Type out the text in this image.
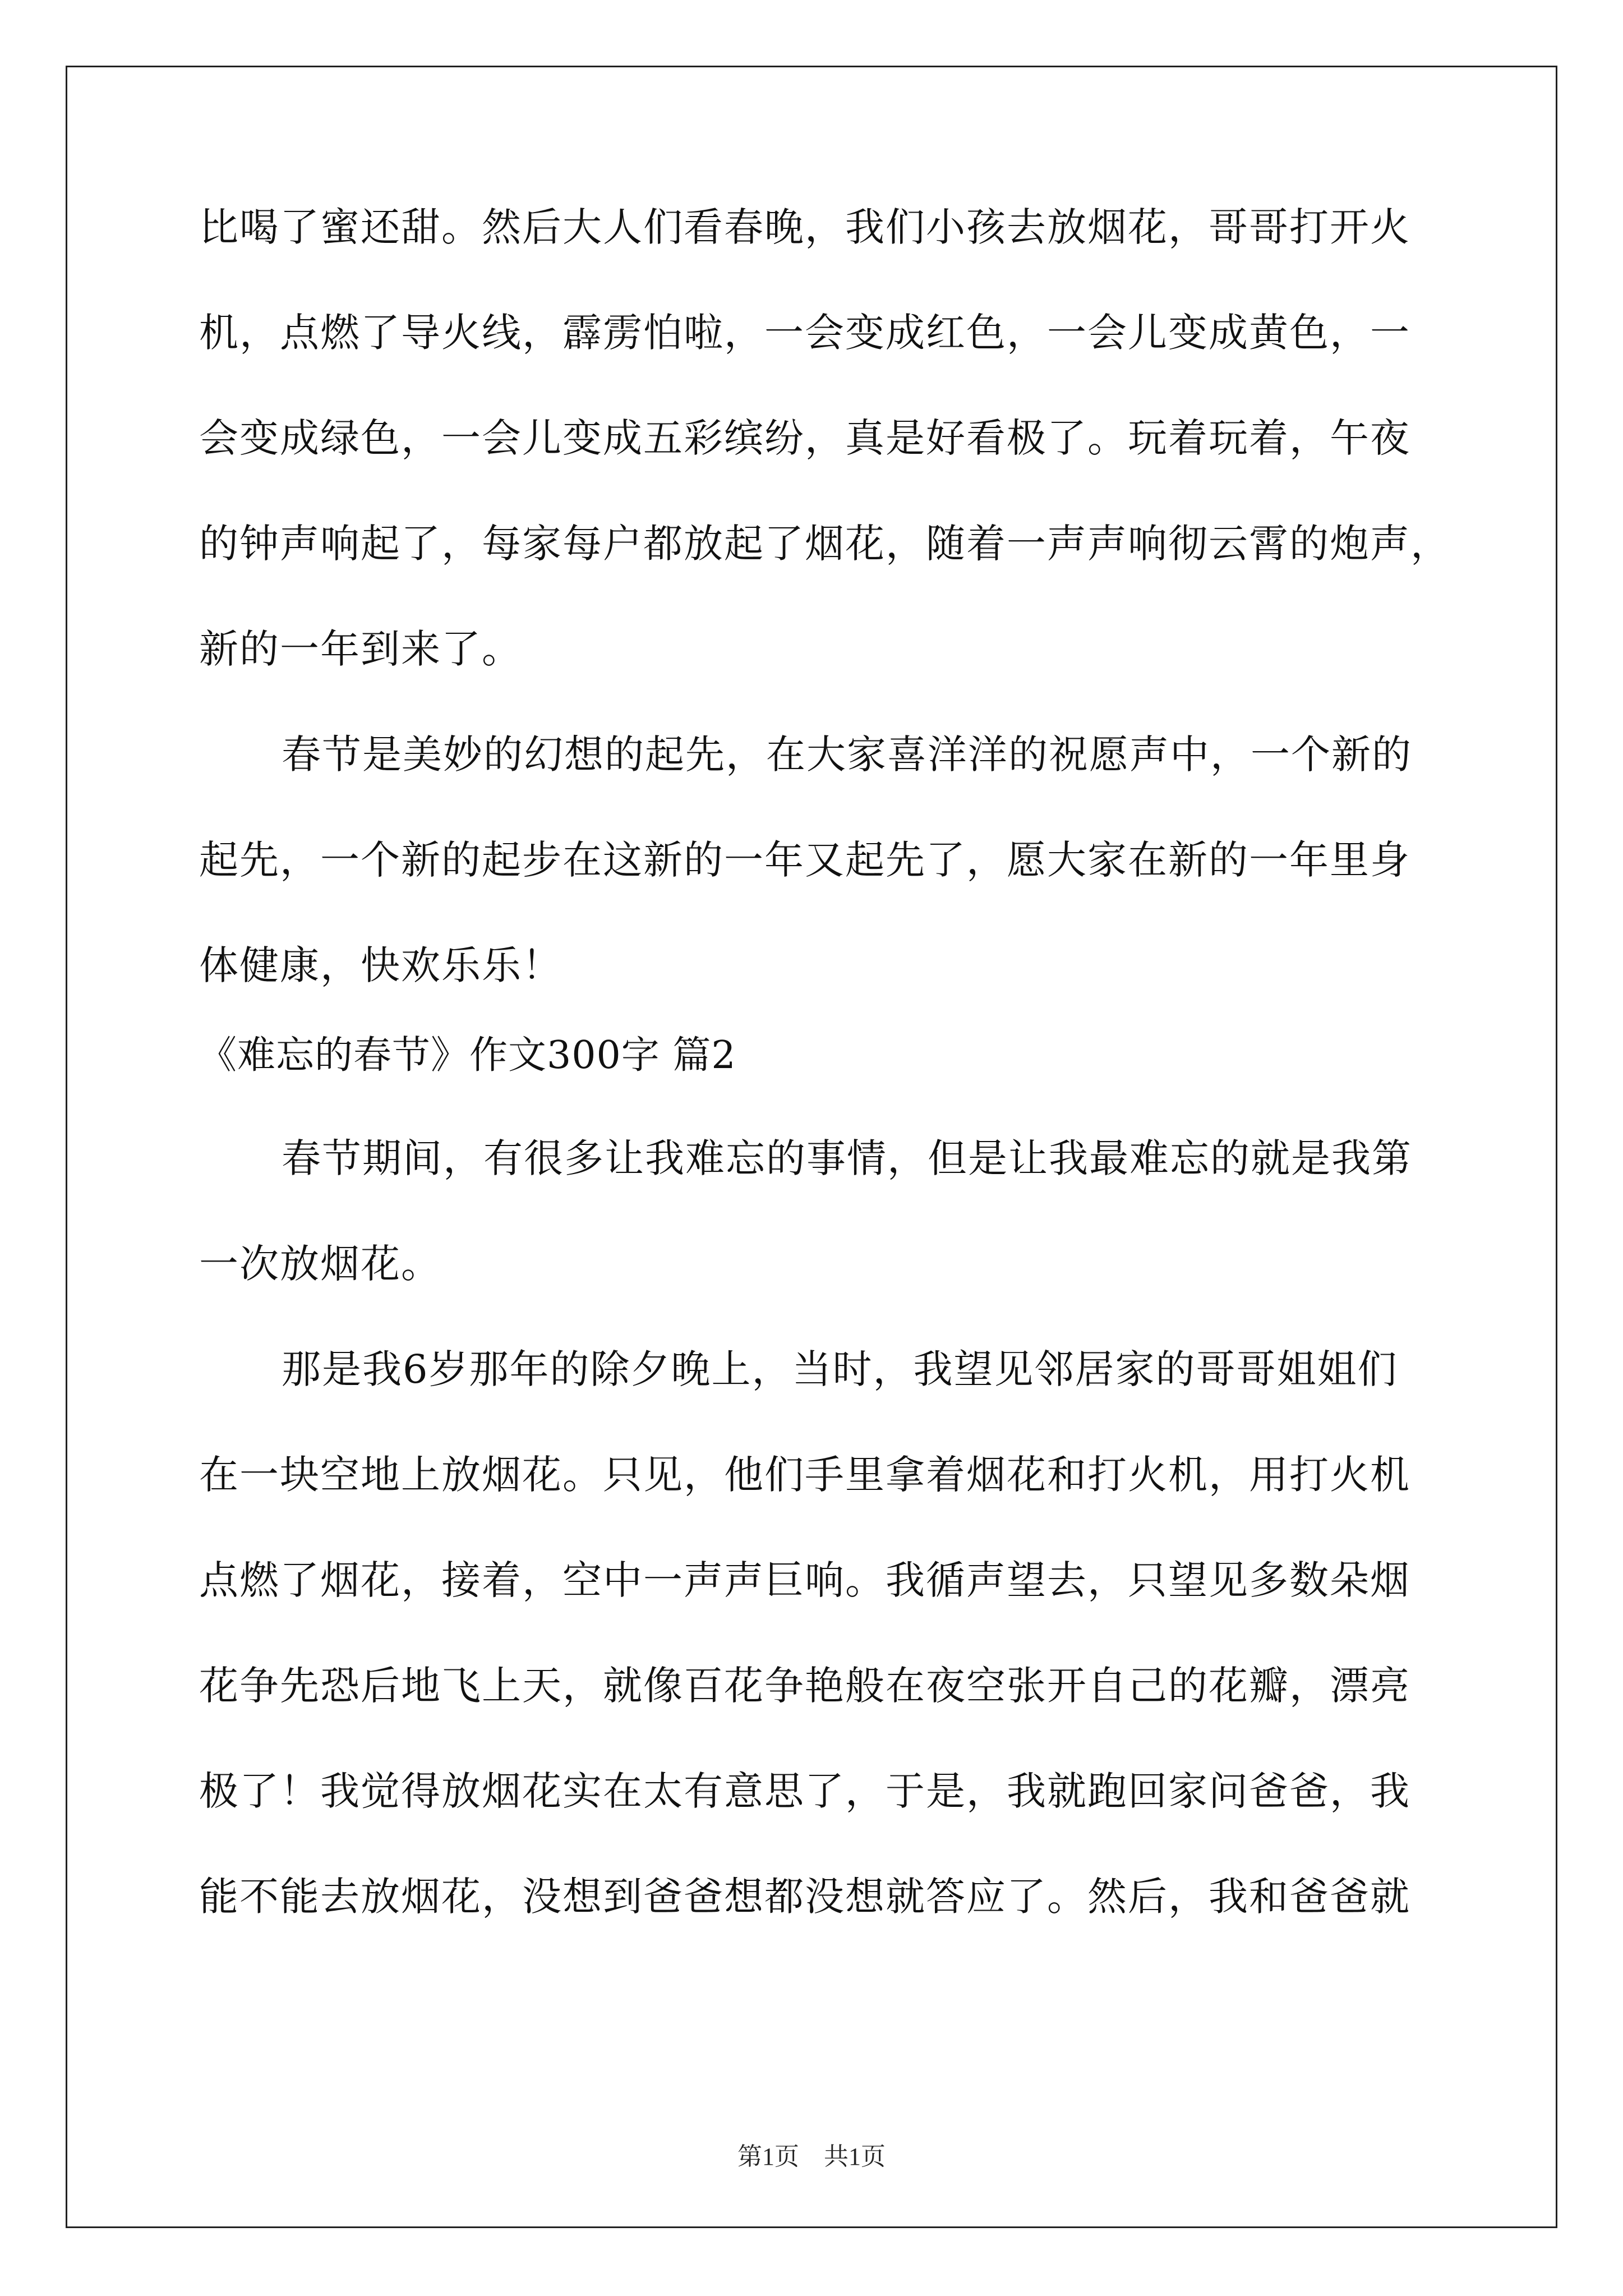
比喝了蜜还甜。然后大人们看春晚，我们小孩去放烟花，哥哥打开火
机，点燃了导火线，霹雳怕啦，一会变成红色，一会儿变成黄色，一
会变成绿色，一会儿变成五彩缤纷，真是好看极了。玩着玩着，午夜
的钟声响起了，每家每户都放起了烟花，随着一声声响彻云霄的炮声，
新的一年到来了。
春节是美妙的幻想的起先，在大家喜洋洋的祝愿声中，一个新的
起先，一个新的起步在这新的一年又起先了，愿大家在新的一年里身
体健康，快欢乐乐！
《难忘的春节》作文300字 篇2
春节期间，有很多让我难忘的事情，但是让我最难忘的就是我第
一次放烟花。
那是我6岁那年的除夕晚上，当时，我望见邻居家的哥哥姐姐们
在一块空地上放烟花。只见，他们手里拿着烟花和打火机，用打火机
点燃了烟花，接着，空中一声声巨响。我循声望去，只望见多数朵烟
花争先恐后地飞上天，就像百花争艳般在夜空张开自己的花瓣，漂亮
极了！我觉得放烟花实在太有意思了，于是，我就跑回家问爸爸，我
能不能去放烟花，没想到爸爸想都没想就答应了。然后，我和爸爸就
第1页　共1页
